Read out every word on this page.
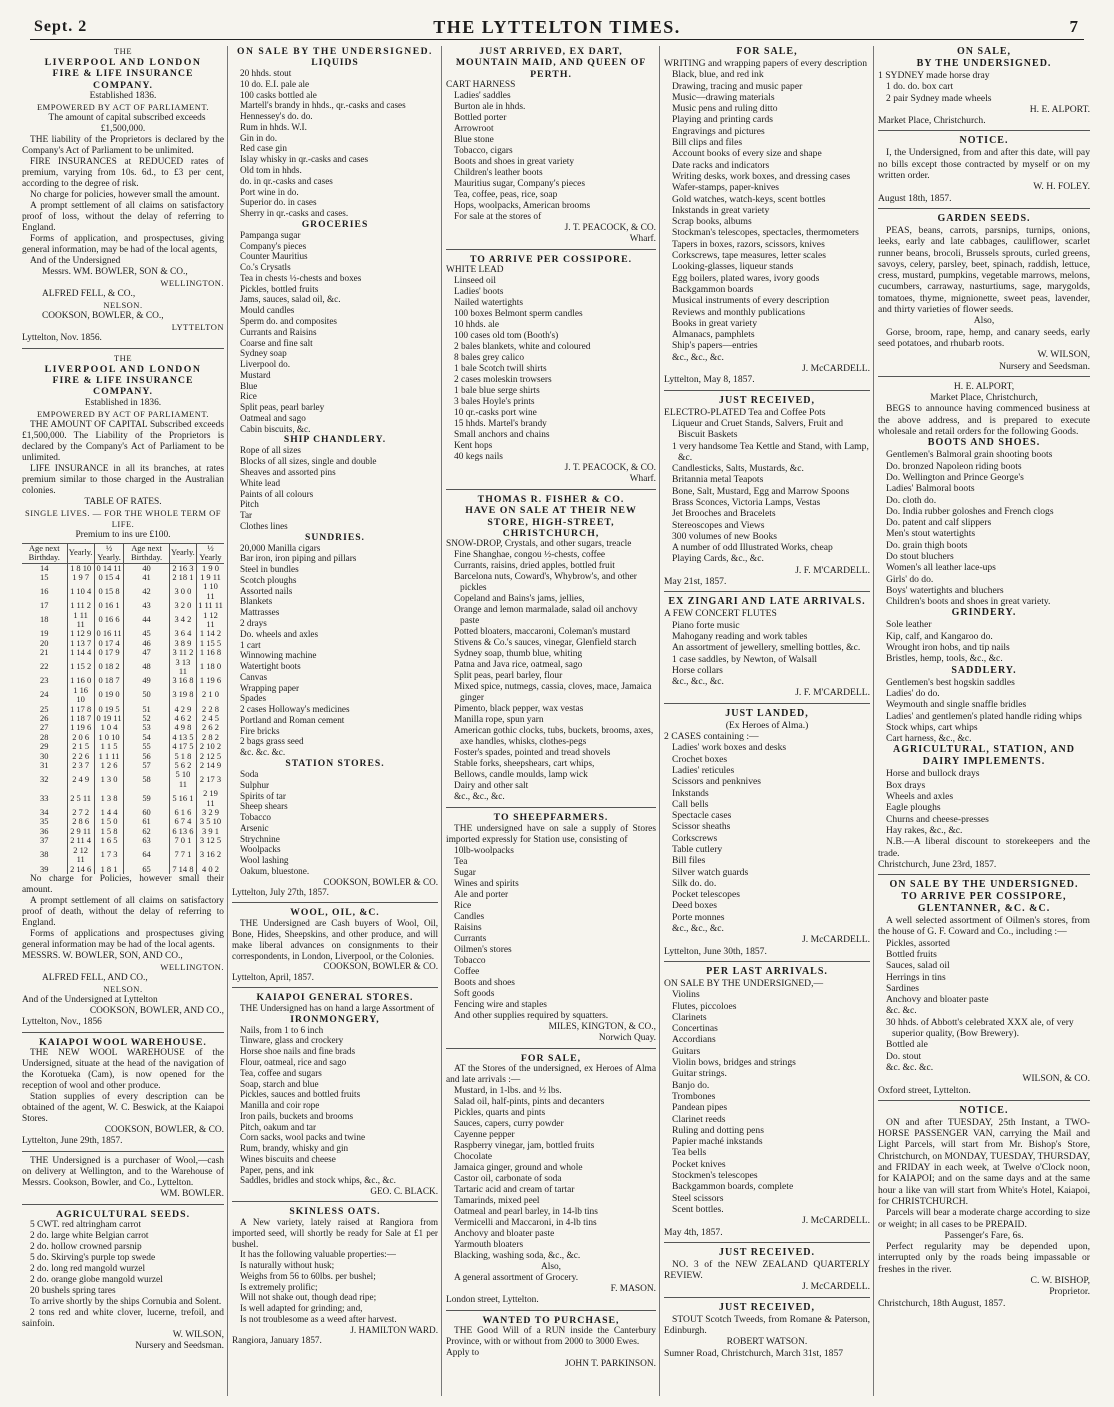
Sept. 2	THE LYTTELTON TIMES.	7
THE
LIVERPOOL AND LONDON
FIRE & LIFE INSURANCE COMPANY.
Established 1836.
EMPOWERED BY ACT OF PARLIAMENT.

The amount of capital subscribed exceeds £1,500,000.

THE liability of the Proprietors is declared by the Company's Act of Parliament to be unlimited.

FIRE INSURANCES at REDUCED rates of premium, varying from 10s. 6d., to £3 per cent, according to the degree of risk.

No charge for policies, however small the amount.

A prompt settlement of all claims on satisfactory proof of loss, without the delay of referring to England.

Forms of application, and prospectuses, giving general information, may be had of the local agents,

And of the Undersigned

Messrs. WM. BOWLER, SON & CO.,
WELLINGTON.
ALFRED FELL, & CO.,
NELSON.
COOKSON, BOWLER, & CO.,
LYTTELTON
Lyttelton, Nov. 1856.
THE
LIVERPOOL AND LONDON
FIRE & LIFE INSURANCE COMPANY.
Established in 1836.
EMPOWERED BY ACT OF PARLIAMENT.

THE AMOUNT OF CAPITAL Subscribed exceeds £1,500,000. The Liability of the Proprietors is declared by the Company's Act of Parliament to be unlimited.

LIFE INSURANCE in all its branches, at rates premium similar to those charged in the Australian colonies.

TABLE OF RATES.
SINGLE LIVES. — FOR THE WHOLE TERM OF LIFE.
Premium to ins ure £100.
Age next Birthday.	Yearly.	½ Yearly.	Age next Birthday.	Yearly.	½ Yearly
14	1 8 10	0 14 11	40	2 16 3	1 9 0
15	1 9 7	0 15 4	41	2 18 1	1 9 11
16	1 10 4	0 15 8	42	3 0 0	1 10 11
17	1 11 2	0 16 1	43	3 2 0	1 11 11
18	1 11 11	0 16 6	44	3 4 2	1 12 11
19	1 12 9	0 16 11	45	3 6 4	1 14 2
20	1 13 7	0 17 4	46	3 8 9	1 15 5
21	1 14 4	0 17 9	47	3 11 2	1 16 8
22	1 15 2	0 18 2	48	3 13 11	1 18 0
23	1 16 0	0 18 7	49	3 16 8	1 19 6
24	1 16 10	0 19 0	50	3 19 8	2 1 0
25	1 17 8	0 19 5	51	4 2 9	2 2 8
26	1 18 7	0 19 11	52	4 6 2	2 4 5
27	1 19 6	1 0 4	53	4 9 8	2 6 2
28	2 0 6	1 0 10	54	4 13 5	2 8 2
29	2 1 5	1 1 5	55	4 17 5	2 10 2
30	2 2 6	1 1 11	56	5 1 8	2 12 5
31	2 3 7	1 2 6	57	5 6 2	2 14 9
32	2 4 9	1 3 0	58	5 10 11	2 17 3
33	2 5 11	1 3 8	59	5 16 1	2 19 11
34	2 7 2	1 4 4	60	6 1 6	3 2 9
35	2 8 6	1 5 0	61	6 7 4	3 5 10
36	2 9 11	1 5 8	62	6 13 6	3 9 1
37	2 11 4	1 6 5	63	7 0 1	3 12 5
38	2 12 11	1 7 3	64	7 7 1	3 16 2
39	2 14 6	1 8 1	65	7 14 8	4 0 2

No charge for Policies, however small their amount.

A prompt settlement of all claims on satisfactory proof of death, without the delay of referring to England.

Forms of applications and prospectuses giving general information may be had of the local agents.

MESSRS. W. BOWLER, SON, AND CO.,
WELLINGTON.
ALFRED FELL, AND CO.,
NELSON.
And of the Undersigned at Lyttelton
COOKSON, BOWLER, AND CO.,
Lyttelton, Nov., 1856
KAIAPOI WOOL WAREHOUSE.

THE NEW WOOL WAREHOUSE of the Undersigned, situate at the head of the navigation of the Korotueka (Cam), is now opened for the reception of wool and other produce.

Station supplies of every description can be obtained of the agent, W. C. Beswick, at the Kaiapoi Stores.

COOKSON, BOWLER, & CO.
Lyttelton, June 29th, 1857.

THE Undersigned is a purchaser of Wool,—cash on delivery at Wellington, and to the Warehouse of Messrs. Cookson, Bowler, and Co., Lyttelton.

WM. BOWLER.
AGRICULTURAL SEEDS.
5 CWT. red altringham carrot
2 do. large white Belgian carrot
2 do. hollow crowned parsnip
5 do. Skirving's purple top swede
2 do. long red mangold wurzel
2 do. orange globe mangold wurzel
20 bushels spring tares

To arrive shortly by the ships Cornubia and Solent.

2 tons red and white clover, lucerne, trefoil, and sainfoin.

W. WILSON,
Nursery and Seedsman.
ON SALE BY THE UNDERSIGNED.
LIQUIDS
20 hhds. stout
10 do. E.I. pale ale
100 casks bottled ale
Martell's brandy in hhds., qr.-casks and cases
Hennessey's do. do.
Rum in hhds. W.I.
Gin in do.
Red case gin
Islay whisky in qr.-casks and cases
Old tom in hhds.
do. in qr.-casks and cases
Port wine in do.
Superior do. in cases
Sherry in qr.-casks and cases.
GROCERIES
Pampanga sugar
Company's pieces
Counter Mauritius
Co.'s Crysatls
Tea in chests ½-chests and boxes
Pickles, bottled fruits
Jams, sauces, salad oil, &c.
Mould candles
Sperm do. and composites
Currants and Raisins
Coarse and fine salt
Sydney soap
Liverpool do.
Mustard
Blue
Rice
Split peas, pearl barley
Oatmeal and sago
Cabin biscuits, &c.
SHIP CHANDLERY.
Rope of all sizes
Blocks of all sizes, single and double
Sheaves and assorted pins
White lead
Paints of all colours
Pitch
Tar
Clothes lines
SUNDRIES.
20,000 Manilla cigars
Bar iron, iron piping and pillars
Steel in bundles
Scotch ploughs
Assorted nails
Blankets
Mattrasses
2 drays
Do. wheels and axles
1 cart
Winnowing machine
Watertight boots
Canvas
Wrapping paper
Spades
2 cases Holloway's medicines
Portland and Roman cement
Fire bricks
2 bags grass seed
&c. &c. &c.
STATION STORES.
Soda
Sulphur
Spirits of tar
Sheep shears
Tobacco
Arsenic
Strychnine
Woolpacks
Wool lashing
Oakum, bluestone.
COOKSON, BOWLER & CO.
Lyttelton, July 27th, 1857.
WOOL, OIL, &C.

THE Undersigned are Cash buyers of Wool, Oil, Bone, Hides, Sheepskins, and other produce, and will make liberal advances on consignments to their correspondents, in London, Liverpool, or the Colonies.

COOKSON, BOWLER & CO.
Lyttelton, April, 1857.
KAIAPOI GENERAL STORES.

THE Undersigned has on hand a large Assortment of

IRONMONGERY,
Nails, from 1 to 6 inch
Tinware, glass and crockery
Horse shoe nails and fine brads
Flour, oatmeal, rice and sago
Tea, coffee and sugars
Soap, starch and blue
Pickles, sauces and bottled fruits
Manilla and coir rope
Iron pails, buckets and brooms
Pitch, oakum and tar
Corn sacks, wool packs and twine
Rum, brandy, whisky and gin
Wines biscuits and cheese
Paper, pens, and ink
Saddles, bridles and stock whips, &c., &c.
GEO. C. BLACK.
SKINLESS OATS.

A New variety, lately raised at Rangiora from imported seed, will shortly be ready for Sale at £1 per bushel.

It has the following valuable properties:—

Is naturally without husk;
Weighs from 56 to 60lbs. per bushel;
Is extremely prolific;
Will not shake out, though dead ripe;
Is well adapted for grinding; and,
Is not troublesome as a weed after harvest.
J. HAMILTON WARD.
Rangiora, January 1857.
JUST ARRIVED, EX DART,
MOUNTAIN MAID, AND QUEEN OF PERTH.
CART HARNESS
Ladies' saddles
Burton ale in hhds.
Bottled porter
Arrowroot
Blue stone
Tobacco, cigars
Boots and shoes in great variety
Children's leather boots
Mauritius sugar, Company's pieces
Tea, coffee, peas, rice, soap
Hops, woolpacks, American brooms

For sale at the stores of

J. T. PEACOCK, & CO.
Wharf.
TO ARRIVE PER COSSIPORE.
WHITE LEAD
Linseed oil
Ladies' boots
Nailed watertights
100 boxes Belmont sperm candles
10 hhds. ale
100 cases old tom (Booth's)
2 bales blankets, white and coloured
8 bales grey calico
1 bale Scotch twill shirts
2 cases moleskin trowsers
1 bale blue serge shirts
3 bales Hoyle's prints
10 qr.-casks port wine
15 hhds. Martel's brandy
Small anchors and chains
Kent hops
40 kegs nails
J. T. PEACOCK, & CO.
Wharf.
THOMAS R. FISHER & CO.
HAVE ON SALE AT THEIR NEW STORE, HIGH-STREET, CHRISTCHURCH,
SNOW-DROP, Crystals, and other sugars, treacle
Fine Shanghae, congou ½-chests, coffee
Currants, raisins, dried apples, bottled fruit
Barcelona nuts, Coward's, Whybrow's, and other pickles
Copeland and Bains's jams, jellies,
Orange and lemon marmalade, salad oil anchovy paste
Potted bloaters, maccaroni, Coleman's mustard
Stivens & Co.'s sauces, vinegar, Glenfield starch
Sydney soap, thumb blue, whiting
Patna and Java rice, oatmeal, sago
Split peas, pearl barley, flour
Mixed spice, nutmegs, cassia, cloves, mace, Jamaica ginger
Pimento, black pepper, wax vestas
Manilla rope, spun yarn
American gothic clocks, tubs, buckets, brooms, axes, axe handles, whisks, clothes-pegs
Foster's spades, pointed and tread shovels
Stable forks, sheepshears, cart whips,
Bellows, candle moulds, lamp wick
Dairy and other salt
&c., &c., &c.
TO SHEEPFARMERS.

THE undersigned have on sale a supply of Stores imported expressly for Station use, consisting of

10lb-woolpacks
Tea
Sugar
Wines and spirits
Ale and porter
Rice
Candles
Raisins
Currants
Oilmen's stores
Tobacco
Coffee
Boots and shoes
Soft goods
Fencing wire and staples

And other supplies required by squatters.

MILES, KINGTON, & CO.,
Norwich Quay.
FOR SALE,

AT the Stores of the undersigned, ex Heroes of Alma and late arrivals :—

Mustard, in 1-lbs. and ½ lbs.
Salad oil, half-pints, pints and decanters
Pickles, quarts and pints
Sauces, capers, curry powder
Cayenne pepper
Raspberry vinegar, jam, bottled fruits
Chocolate
Jamaica ginger, ground and whole
Castor oil, carbonate of soda
Tartaric acid and cream of tartar
Tamarinds, mixed peel
Oatmeal and pearl barley, in 14-lb tins
Vermicelli and Maccaroni, in 4-lb tins
Anchovy and bloater paste
Yarmouth bloaters
Blacking, washing soda, &c., &c.
Also,

A general assortment of Grocery.

F. MASON.
London street, Lyttelton.
WANTED TO PURCHASE,

THE Good Will of a RUN inside the Canterbury Province, with or without from 2000 to 3000 Ewes.

Apply to
JOHN T. PARKINSON.
FOR SALE,
WRITING and wrapping papers of every description
Black, blue, and red ink
Drawing, tracing and music paper
Music—drawing materials
Music pens and ruling ditto
Playing and printing cards
Engravings and pictures
Bill clips and files
Account books of every size and shape
Date racks and indicators
Writing desks, work boxes, and dressing cases
Wafer-stamps, paper-knives
Gold watches, watch-keys, scent bottles
Inkstands in great variety
Scrap books, albums
Stockman's telescopes, spectacles, thermometers
Tapers in boxes, razors, scissors, knives
Corkscrews, tape measures, letter scales
Looking-glasses, liqueur stands
Egg boilers, plated wares, ivory goods
Backgammon boards
Musical instruments of every description
Reviews and monthly publications
Books in great variety
Almanacs, pamphlets
Ship's papers—entries
&c., &c., &c.
J. McCARDELL.
Lyttelton, May 8, 1857.
JUST RECEIVED,
ELECTRO-PLATED Tea and Coffee Pots
Liqueur and Cruet Stands, Salvers, Fruit and Biscuit Baskets
1 very handsome Tea Kettle and Stand, with Lamp, &c.
Candlesticks, Salts, Mustards, &c.
Britannia metal Teapots
Bone, Salt, Mustard, Egg and Marrow Spoons
Brass Sconces, Victoria Lamps, Vestas
Jet Brooches and Bracelets
Stereoscopes and Views
300 volumes of new Books
A number of odd Illustrated Works, cheap
Playing Cards, &c., &c.
J. F. M'CARDELL.
May 21st, 1857.
EX ZINGARI AND LATE ARRIVALS.
A FEW CONCERT FLUTES
Piano forte music
Mahogany reading and work tables
An assortment of jewellery, smelling bottles, &c.
1 case saddles, by Newton, of Walsall
Horse collars
&c., &c., &c.
J. F. M'CARDELL.
JUST LANDED,
(Ex Heroes of Alma.)
2 CASES containing :—
Ladies' work boxes and desks
Crochet boxes
Ladies' reticules
Scissors and penknives
Inkstands
Call bells
Spectacle cases
Scissor sheaths
Corkscrews
Table cutlery
Bill files
Silver watch guards
Silk do. do.
Pocket telescopes
Deed boxes
Porte monnes
&c., &c., &c.
J. McCARDELL.
Lyttelton, June 30th, 1857.
PER LAST ARRIVALS.
ON SALE BY THE UNDERSIGNED,—
Violins
Flutes, piccoloes
Clarinets
Concertinas
Accordians
Guitars
Violin bows, bridges and strings
Guitar strings.
Banjo do.
Trombones
Pandean pipes
Clarinet reeds
Ruling and dotting pens
Papier maché inkstands
Tea bells
Pocket knives
Stockmen's telescopes
Backgammon boards, complete
Steel scissors
Scent bottles.
J. McCARDELL.
May 4th, 1857.
JUST RECEIVED.

NO. 3 of the NEW ZEALAND QUARTERLY REVIEW.

J. McCARDELL.
JUST RECEIVED,

STOUT Scotch Tweeds, from Romane & Paterson, Edinburgh.

ROBERT WATSON.
Sumner Road, Christchurch, March 31st, 1857
ON SALE,
BY THE UNDERSIGNED.
1 SYDNEY made horse dray
1 do. do. box cart
2 pair Sydney made wheels
H. E. ALPORT.
Market Place, Christchurch.
NOTICE.

I, the Undersigned, from and after this date, will pay no bills except those contracted by myself or on my written order.

W. H. FOLEY.
August 18th, 1857.
GARDEN SEEDS.

PEAS, beans, carrots, parsnips, turnips, onions, leeks, early and late cabbages, cauliflower, scarlet runner beans, brocoli, Brussels sprouts, curled greens, savoys, celery, parsley, beet, spinach, raddish, lettuce, cress, mustard, pumpkins, vegetable marrows, melons, cucumbers, carraway, nasturtiums, sage, marygolds, tomatoes, thyme, mignionette, sweet peas, lavender, and thirty varieties of flower seeds.

Also,

Gorse, broom, rape, hemp, and canary seeds, early seed potatoes, and rhubarb roots.

W. WILSON,
Nursery and Seedsman.
H. E. ALPORT,
Market Place, Christchurch,

BEGS to announce having commenced business at the above address, and is prepared to execute wholesale and retail orders for the following Goods.

BOOTS AND SHOES.
Gentlemen's Balmoral grain shooting boots
Do. bronzed Napoleon riding boots
Do. Wellington and Prince George's
Ladies' Balmoral boots
Do. cloth do.
Do. India rubber goloshes and French clogs
Do. patent and calf slippers
Men's stout watertights
Do. grain thigh boots
Do stout bluchers
Women's all leather lace-ups
Girls' do do.
Boys' watertights and bluchers
Children's boots and shoes in great variety.
GRINDERY.
Sole leather
Kip, calf, and Kangaroo do.
Wrought iron hobs, and tip nails
Bristles, hemp, tools, &c., &c.
SADDLERY.
Gentlemen's best hogskin saddles
Ladies' do do.
Weymouth and single snaffle bridles
Ladies' and gentlemen's plated handle riding whips
Stock whips, cart whips
Cart harness, &c., &c.
AGRICULTURAL, STATION, AND DAIRY IMPLEMENTS.
Horse and bullock drays
Box drays
Wheels and axles
Eagle ploughs
Churns and cheese-presses
Hay rakes, &c., &c.

N.B.—A liberal discount to storekeepers and the trade.

Christchurch, June 23rd, 1857.
ON SALE BY THE UNDERSIGNED.
TO ARRIVE PER COSSIPORE,
GLENTANNER, &C. &C.

A well selected assortment of Oilmen's stores, from the house of G. F. Coward and Co., including :—

Pickles, assorted
Bottled fruits
Sauces, salad oil
Herrings in tins
Sardines
Anchovy and bloater paste
&c. &c.
30 hhds. of Abbott's celebrated XXX ale, of very superior quality, (Bow Brewery).
Bottled ale
Do. stout
&c. &c. &c.
WILSON, & CO.
Oxford street, Lyttelton.
NOTICE.

ON and after TUESDAY, 25th Instant, a TWO-HORSE PASSENGER VAN, carrying the Mail and Light Parcels, will start from Mr. Bishop's Store, Christchurch, on MONDAY, TUESDAY, THURSDAY, and FRIDAY in each week, at Twelve o'Clock noon, for KAIAPOI; and on the same days and at the same hour a like van will start from White's Hotel, Kaiapoi, for CHRISTCHURCH.

Parcels will bear a moderate charge according to size or weight; in all cases to be PREPAID.

Passenger's Fare, 6s.

Perfect regularity may be depended upon, interrupted only by the roads being impassable or freshes in the river.

C. W. BISHOP,
Proprietor.
Christchurch, 18th August, 1857.
